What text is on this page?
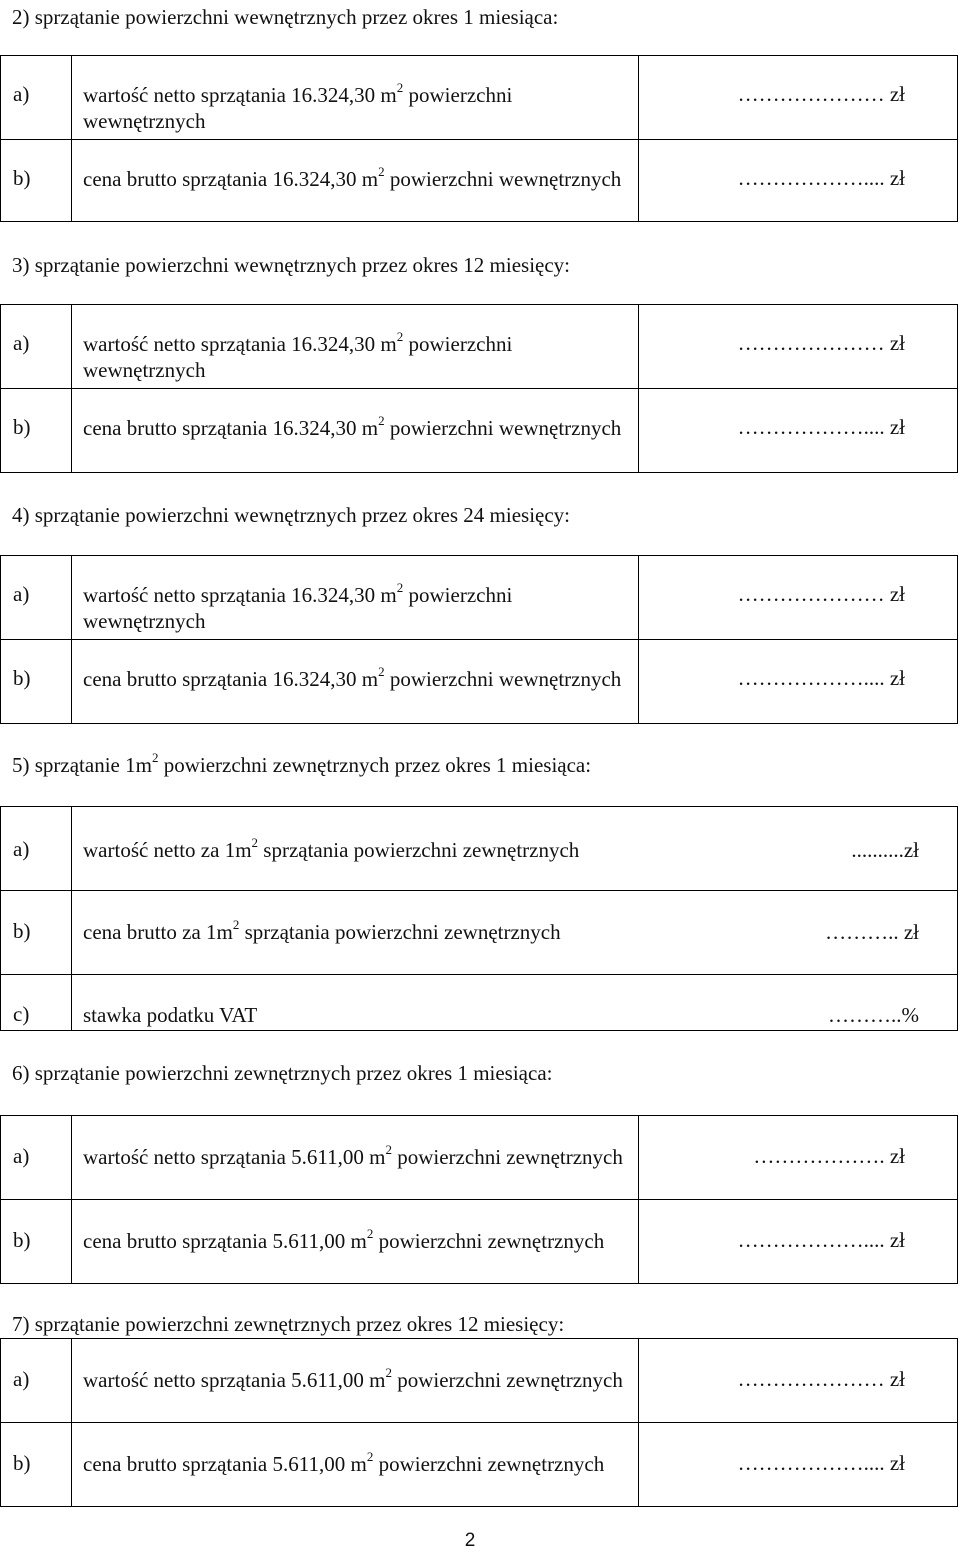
2) sprzątanie powierzchni wewnętrznych przez okres 1 miesiąca:
a)	wartość netto sprzątania 16.324,30 $m^2$ powierzchni wewnętrznych	………………… zł

b)	cena brutto sprzątania 16.324,30 $m^2$ powierzchni wewnętrznych	……………….... zł
3) sprzątanie powierzchni wewnętrznych przez okres 12 miesięcy:
a)	wartość netto sprzątania 16.324,30 $m^2$ powierzchni wewnętrznych	………………… zł

b)	cena brutto sprzątania 16.324,30 $m^2$ powierzchni wewnętrznych	……………….... zł
4) sprzątanie powierzchni wewnętrznych przez okres 24 miesięcy:
a)	wartość netto sprzątania 16.324,30 $m^2$ powierzchni wewnętrznych	………………… zł

b)	cena brutto sprzątania 16.324,30 $m^2$ powierzchni wewnętrznych	……………….... zł
5) sprzątanie $1m^2$ powierzchni zewnętrznych przez okres 1 miesiąca:
a)	wartość netto za $1m^2$ sprzątania powierzchni zewnętrznych ..........zł

b)	cena brutto za $1m^2$ sprzątania powierzchni zewnętrznych ……….. zł

c)	stawka podatku VAT ………..%
6) sprzątanie powierzchni zewnętrznych przez okres 1 miesiąca:
a)	wartość netto sprzątania 5.611,00 $m^2$ powierzchni zewnętrznych	………………. zł

b)	cena brutto sprzątania 5.611,00 $m^2$ powierzchni zewnętrznych	……………….... zł
7) sprzątanie powierzchni zewnętrznych przez okres 12 miesięcy:
a)	wartość netto sprzątania 5.611,00 $m^2$ powierzchni zewnętrznych	………………… zł

b)	cena brutto sprzątania 5.611,00 $m^2$ powierzchni zewnętrznych	……………….... zł
2
